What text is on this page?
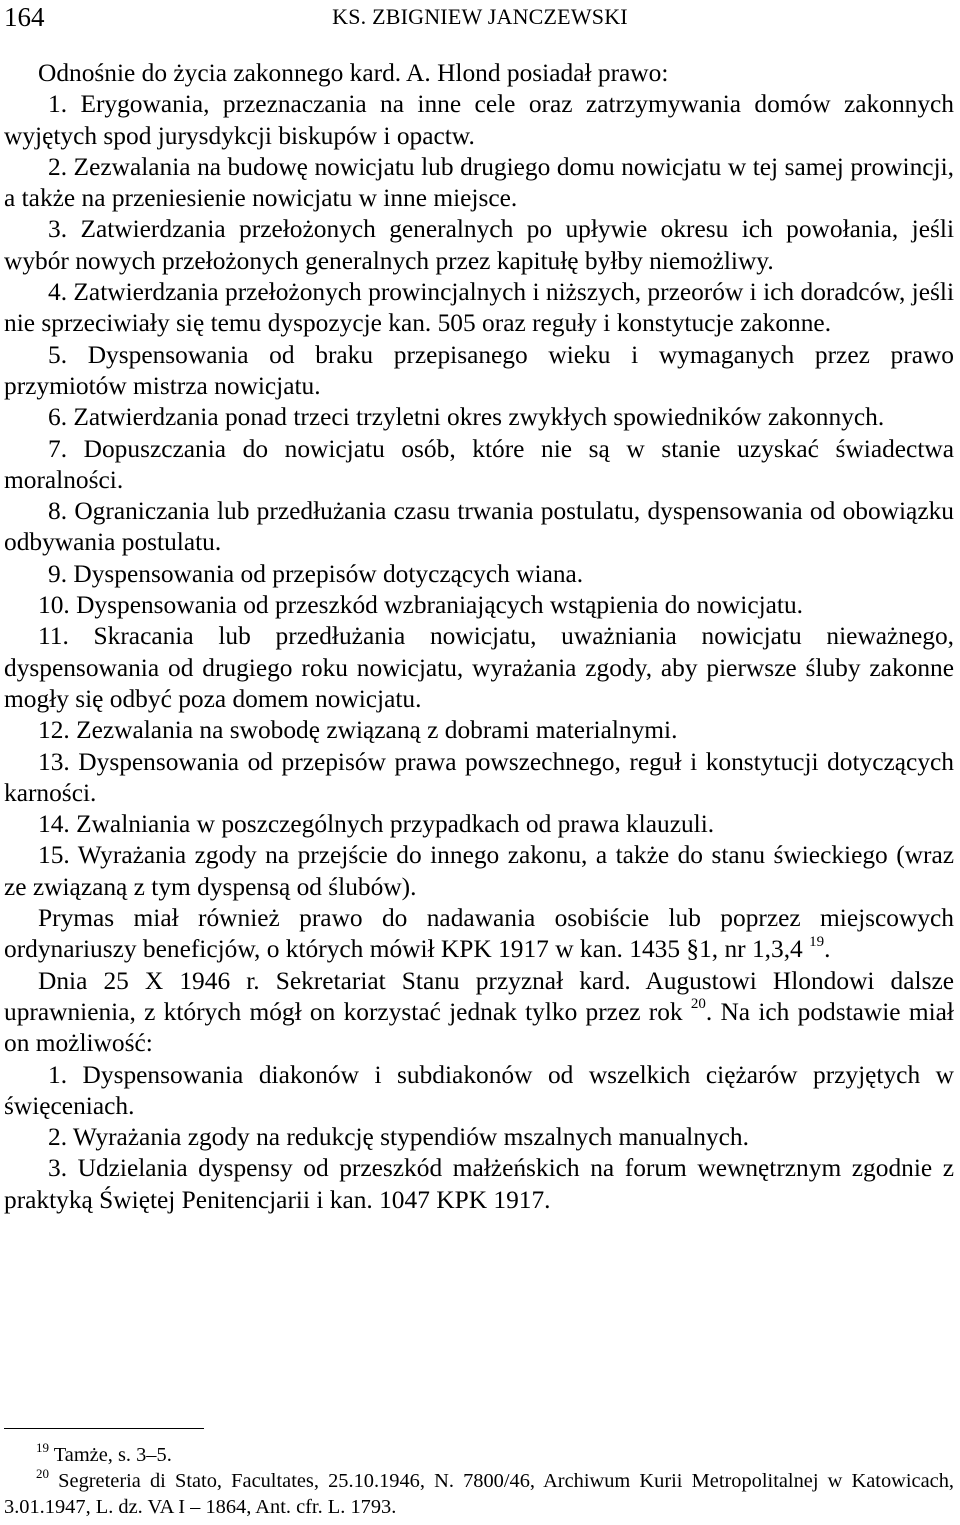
164	KS. ZBIGNIEW JANCZEWSKI

Odnośnie do życia zakonnego kard. A. Hlond posiadał prawo:

1. Erygowania, przeznaczania na inne cele oraz zatrzymywania domów zakonnych wyjętych spod jurysdykcji biskupów i opactw.

2. Zezwalania na budowę nowicjatu lub drugiego domu nowicjatu w tej samej prowincji, a także na przeniesienie nowicjatu w inne miejsce.

3. Zatwierdzania przełożonych generalnych po upływie okresu ich powołania, jeśli wybór nowych przełożonych generalnych przez kapitułę byłby niemożliwy.

4. Zatwierdzania przełożonych prowincjalnych i niższych, przeorów i ich doradców, jeśli nie sprzeciwiały się temu dyspozycje kan. 505 oraz reguły i konstytucje zakonne.

5. Dyspensowania od braku przepisanego wieku i wymaganych przez prawo przymiotów mistrza nowicjatu.

6. Zatwierdzania ponad trzeci trzyletni okres zwykłych spowiedników zakonnych.

7. Dopuszczania do nowicjatu osób, które nie są w stanie uzyskać świadectwa moralności.

8. Ograniczania lub przedłużania czasu trwania postulatu, dyspensowania od obowiązku odbywania postulatu.

9. Dyspensowania od przepisów dotyczących wiana.

10. Dyspensowania od przeszkód wzbraniających wstąpienia do nowicjatu.

11. Skracania lub przedłużania nowicjatu, uważniania nowicjatu nieważnego, dyspensowania od drugiego roku nowicjatu, wyrażania zgody, aby pierwsze śluby zakonne mogły się odbyć poza domem nowicjatu.

12. Zezwalania na swobodę związaną z dobrami materialnymi.

13. Dyspensowania od przepisów prawa powszechnego, reguł i konstytucji dotyczących karności.

14. Zwalniania w poszczególnych przypadkach od prawa klauzuli.

15. Wyrażania zgody na przejście do innego zakonu, a także do stanu świeckiego (wraz ze związaną z tym dyspensą od ślubów).

Prymas miał również prawo do nadawania osobiście lub poprzez miejscowych ordynariuszy beneficjów, o których mówił KPK 1917 w kan. 1435 §1, nr 1,3,4 $^{19}$.

Dnia 25 X 1946 r. Sekretariat Stanu przyznał kard. Augustowi Hlondowi dalsze uprawnienia, z których mógł on korzystać jednak tylko przez rok $^{20}$. Na ich podstawie miał on możliwość:

1. Dyspensowania diakonów i subdiakonów od wszelkich ciężarów przyjętych w święceniach.

2. Wyrażania zgody na redukcję stypendiów mszalnych manualnych.

3. Udzielania dyspensy od przeszkód małżeńskich na forum wewnętrznym zgodnie z praktyką Świętej Penitencjarii i kan. 1047 KPK 1917.

$^{19}$ Tamże, s. 3–5.

$^{20}$ Segreteria di Stato, Facultates, 25.10.1946, N. 7800/46, Archiwum Kurii Metropolitalnej w Katowicach, 3.01.1947, L. dz. VA I – 1864, Ant. cfr. L. 1793.
